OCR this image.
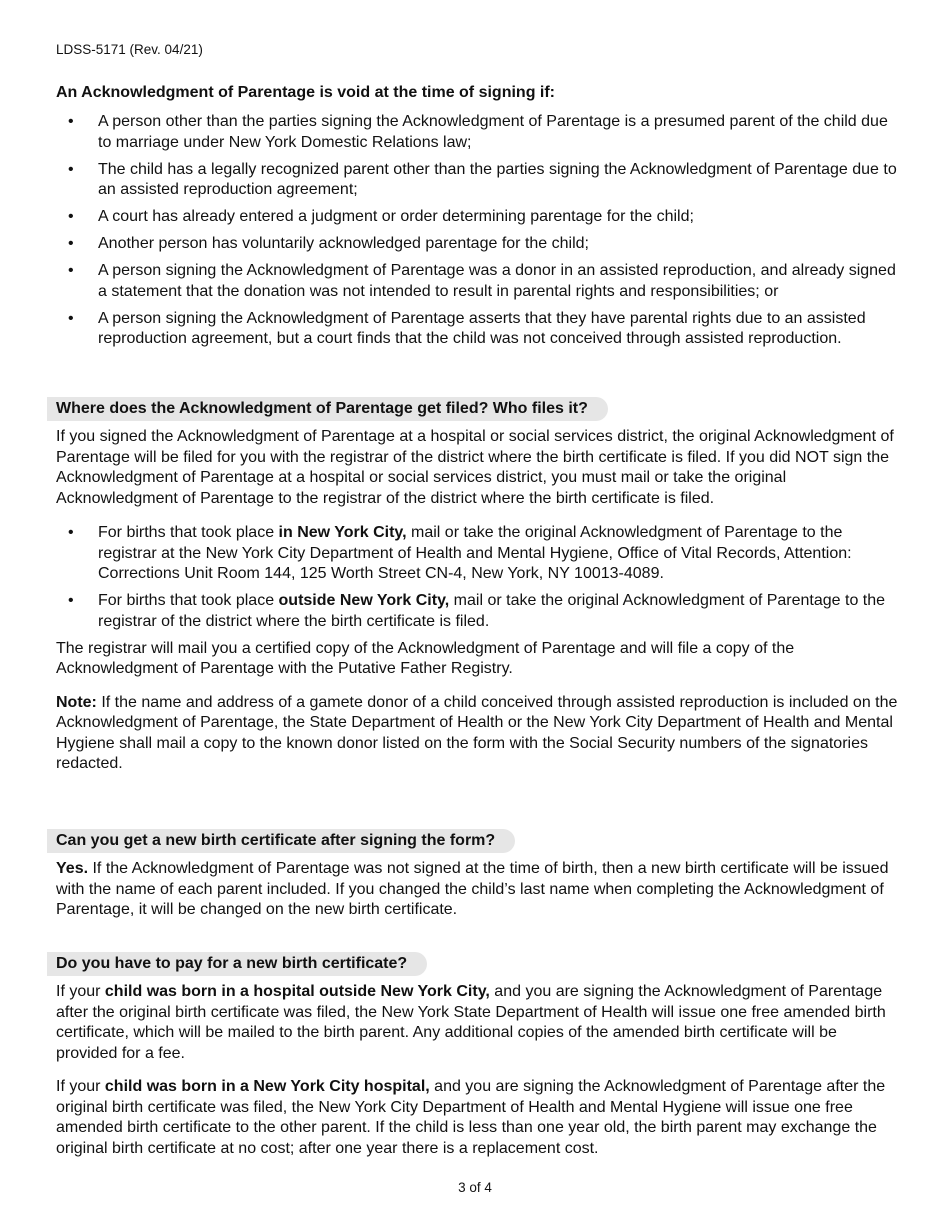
LDSS-5171 (Rev. 04/21)
An Acknowledgment of Parentage is void at the time of signing if:
• A person other than the parties signing the Acknowledgment of Parentage is a presumed parent of the child due to marriage under New York Domestic Relations law;
• The child has a legally recognized parent other than the parties signing the Acknowledgment of Parentage due to an assisted reproduction agreement;
• A court has already entered a judgment or order determining parentage for the child;
• Another person has voluntarily acknowledged parentage for the child;
• A person signing the Acknowledgment of Parentage was a donor in an assisted reproduction, and already signed a statement that the donation was not intended to result in parental rights and responsibilities; or
• A person signing the Acknowledgment of Parentage asserts that they have parental rights due to an assisted reproduction agreement, but a court finds that the child was not conceived through assisted reproduction.
Where does the Acknowledgment of Parentage get filed? Who files it?

If you signed the Acknowledgment of Parentage at a hospital or social services district, the original Acknowledgment of Parentage will be filed for you with the registrar of the district where the birth certificate is filed. If you did NOT sign the Acknowledgment of Parentage at a hospital or social services district, you must mail or take the original Acknowledgment of Parentage to the registrar of the district where the birth certificate is filed.

• For births that took place in New York City, mail or take the original Acknowledgment of Parentage to the registrar at the New York City Department of Health and Mental Hygiene, Office of Vital Records, Attention: Corrections Unit Room 144, 125 Worth Street CN-4, New York, NY 10013-4089.
• For births that took place outside New York City, mail or take the original Acknowledgment of Parentage to the registrar of the district where the birth certificate is filed.

The registrar will mail you a certified copy of the Acknowledgment of Parentage and will file a copy of the Acknowledgment of Parentage with the Putative Father Registry.

Note: If the name and address of a gamete donor of a child conceived through assisted reproduction is included on the Acknowledgment of Parentage, the State Department of Health or the New York City Department of Health and Mental Hygiene shall mail a copy to the known donor listed on the form with the Social Security numbers of the signatories redacted.

Can you get a new birth certificate after signing the form?

Yes. If the Acknowledgment of Parentage was not signed at the time of birth, then a new birth certificate will be issued with the name of each parent included. If you changed the child’s last name when completing the Acknowledgment of Parentage, it will be changed on the new birth certificate.

Do you have to pay for a new birth certificate?

If your child was born in a hospital outside New York City, and you are signing the Acknowledgment of Parentage after the original birth certificate was filed, the New York State Department of Health will issue one free amended birth certificate, which will be mailed to the birth parent. Any additional copies of the amended birth certificate will be provided for a fee.

If your child was born in a New York City hospital, and you are signing the Acknowledgment of Parentage after the original birth certificate was filed, the New York City Department of Health and Mental Hygiene will issue one free amended birth certificate to the other parent. If the child is less than one year old, the birth parent may exchange the original birth certificate at no cost; after one year there is a replacement cost.

3 of 4
